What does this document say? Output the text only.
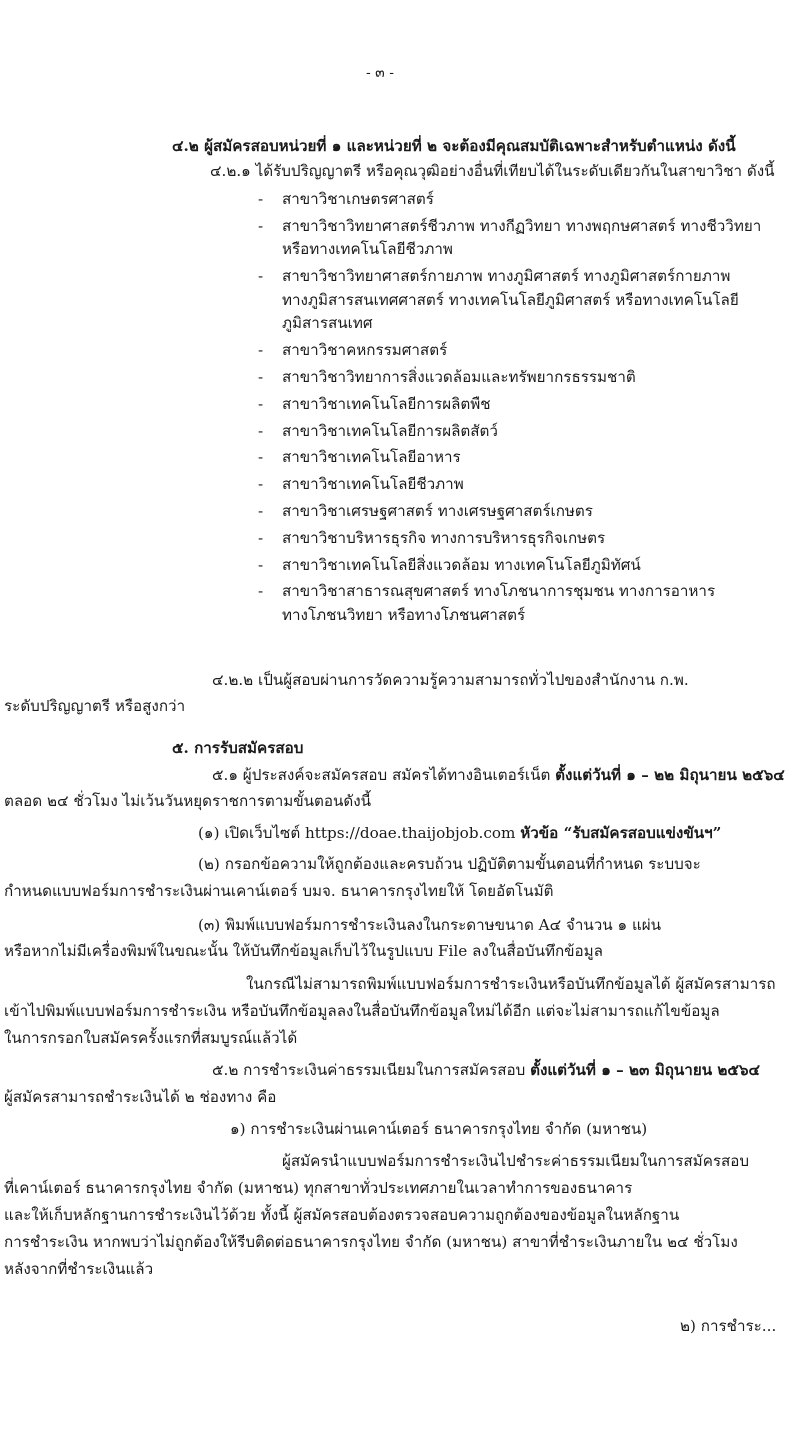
- ๓ -
๔.๒ ผู้สมัครสอบหน่วยที่ ๑ และหน่วยที่ ๒ จะต้องมีคุณสมบัติเฉพาะสำหรับตำแหน่ง ดังนี้
๔.๒.๑ ได้รับปริญญาตรี หรือคุณวุฒิอย่างอื่นที่เทียบได้ในระดับเดียวกันในสาขาวิชา ดังนี้
- สาขาวิชาเกษตรศาสตร์
- สาขาวิชาวิทยาศาสตร์ชีวภาพ ทางกีฏวิทยา ทางพฤกษศาสตร์ ทางชีววิทยา
หรือทางเทคโนโลยีชีวภาพ
- สาขาวิชาวิทยาศาสตร์กายภาพ ทางภูมิศาสตร์ ทางภูมิศาสตร์กายภาพ
ทางภูมิสารสนเทศศาสตร์ ทางเทคโนโลยีภูมิศาสตร์ หรือทางเทคโนโลยี
ภูมิสารสนเทศ
- สาขาวิชาคหกรรมศาสตร์
- สาขาวิชาวิทยาการสิ่งแวดล้อมและทรัพยากรธรรมชาติ
- สาขาวิชาเทคโนโลยีการผลิตพืช
- สาขาวิชาเทคโนโลยีการผลิตสัตว์
- สาขาวิชาเทคโนโลยีอาหาร
- สาขาวิชาเทคโนโลยีชีวภาพ
- สาขาวิชาเศรษฐศาสตร์ ทางเศรษฐศาสตร์เกษตร
- สาขาวิชาบริหารธุรกิจ ทางการบริหารธุรกิจเกษตร
- สาขาวิชาเทคโนโลยีสิ่งแวดล้อม ทางเทคโนโลยีภูมิทัศน์
- สาขาวิชาสาธารณสุขศาสตร์ ทางโภชนาการชุมชน ทางการอาหาร
ทางโภชนวิทยา หรือทางโภชนศาสตร์
๔.๒.๒ เป็นผู้สอบผ่านการวัดความรู้ความสามารถทั่วไปของสำนักงาน ก.พ.
ระดับปริญญาตรี หรือสูงกว่า
๕. การรับสมัครสอบ
๕.๑ ผู้ประสงค์จะสมัครสอบ สมัครได้ทางอินเตอร์เน็ต ตั้งแต่วันที่ ๑ – ๒๒ มิถุนายน ๒๕๖๔
ตลอด ๒๔ ชั่วโมง ไม่เว้นวันหยุดราชการตามขั้นตอนดังนี้
(๑) เปิดเว็บไซต์ https://doae.thaijobjob.com หัวข้อ “รับสมัครสอบแข่งขันฯ”
(๒) กรอกข้อความให้ถูกต้องและครบถ้วน ปฏิบัติตามขั้นตอนที่กำหนด ระบบจะ
กำหนดแบบฟอร์มการชำระเงินผ่านเคาน์เตอร์ บมจ. ธนาคารกรุงไทยให้ โดยอัตโนมัติ
(๓) พิมพ์แบบฟอร์มการชำระเงินลงในกระดาษขนาด A๔ จำนวน ๑ แผ่น
หรือหากไม่มีเครื่องพิมพ์ในขณะนั้น ให้บันทึกข้อมูลเก็บไว้ในรูปแบบ File ลงในสื่อบันทึกข้อมูล
ในกรณีไม่สามารถพิมพ์แบบฟอร์มการชำระเงินหรือบันทึกข้อมูลได้ ผู้สมัครสามารถ
เข้าไปพิมพ์แบบฟอร์มการชำระเงิน หรือบันทึกข้อมูลลงในสื่อบันทึกข้อมูลใหม่ได้อีก แต่จะไม่สามารถแก้ไขข้อมูล
ในการกรอกใบสมัครครั้งแรกที่สมบูรณ์แล้วได้
๕.๒ การชำระเงินค่าธรรมเนียมในการสมัครสอบ ตั้งแต่วันที่ ๑ – ๒๓ มิถุนายน ๒๕๖๔
ผู้สมัครสามารถชำระเงินได้ ๒ ช่องทาง คือ
๑) การชำระเงินผ่านเคาน์เตอร์ ธนาคารกรุงไทย จำกัด (มหาชน)
ผู้สมัครนำแบบฟอร์มการชำระเงินไปชำระค่าธรรมเนียมในการสมัครสอบ
ที่เคาน์เตอร์ ธนาคารกรุงไทย จำกัด (มหาชน) ทุกสาขาทั่วประเทศภายในเวลาทำการของธนาคาร
และให้เก็บหลักฐานการชำระเงินไว้ด้วย ทั้งนี้ ผู้สมัครสอบต้องตรวจสอบความถูกต้องของข้อมูลในหลักฐาน
การชำระเงิน หากพบว่าไม่ถูกต้องให้รีบติดต่อธนาคารกรุงไทย จำกัด (มหาชน) สาขาที่ชำระเงินภายใน ๒๔ ชั่วโมง
หลังจากที่ชำระเงินแล้ว
๒) การชำระ...
